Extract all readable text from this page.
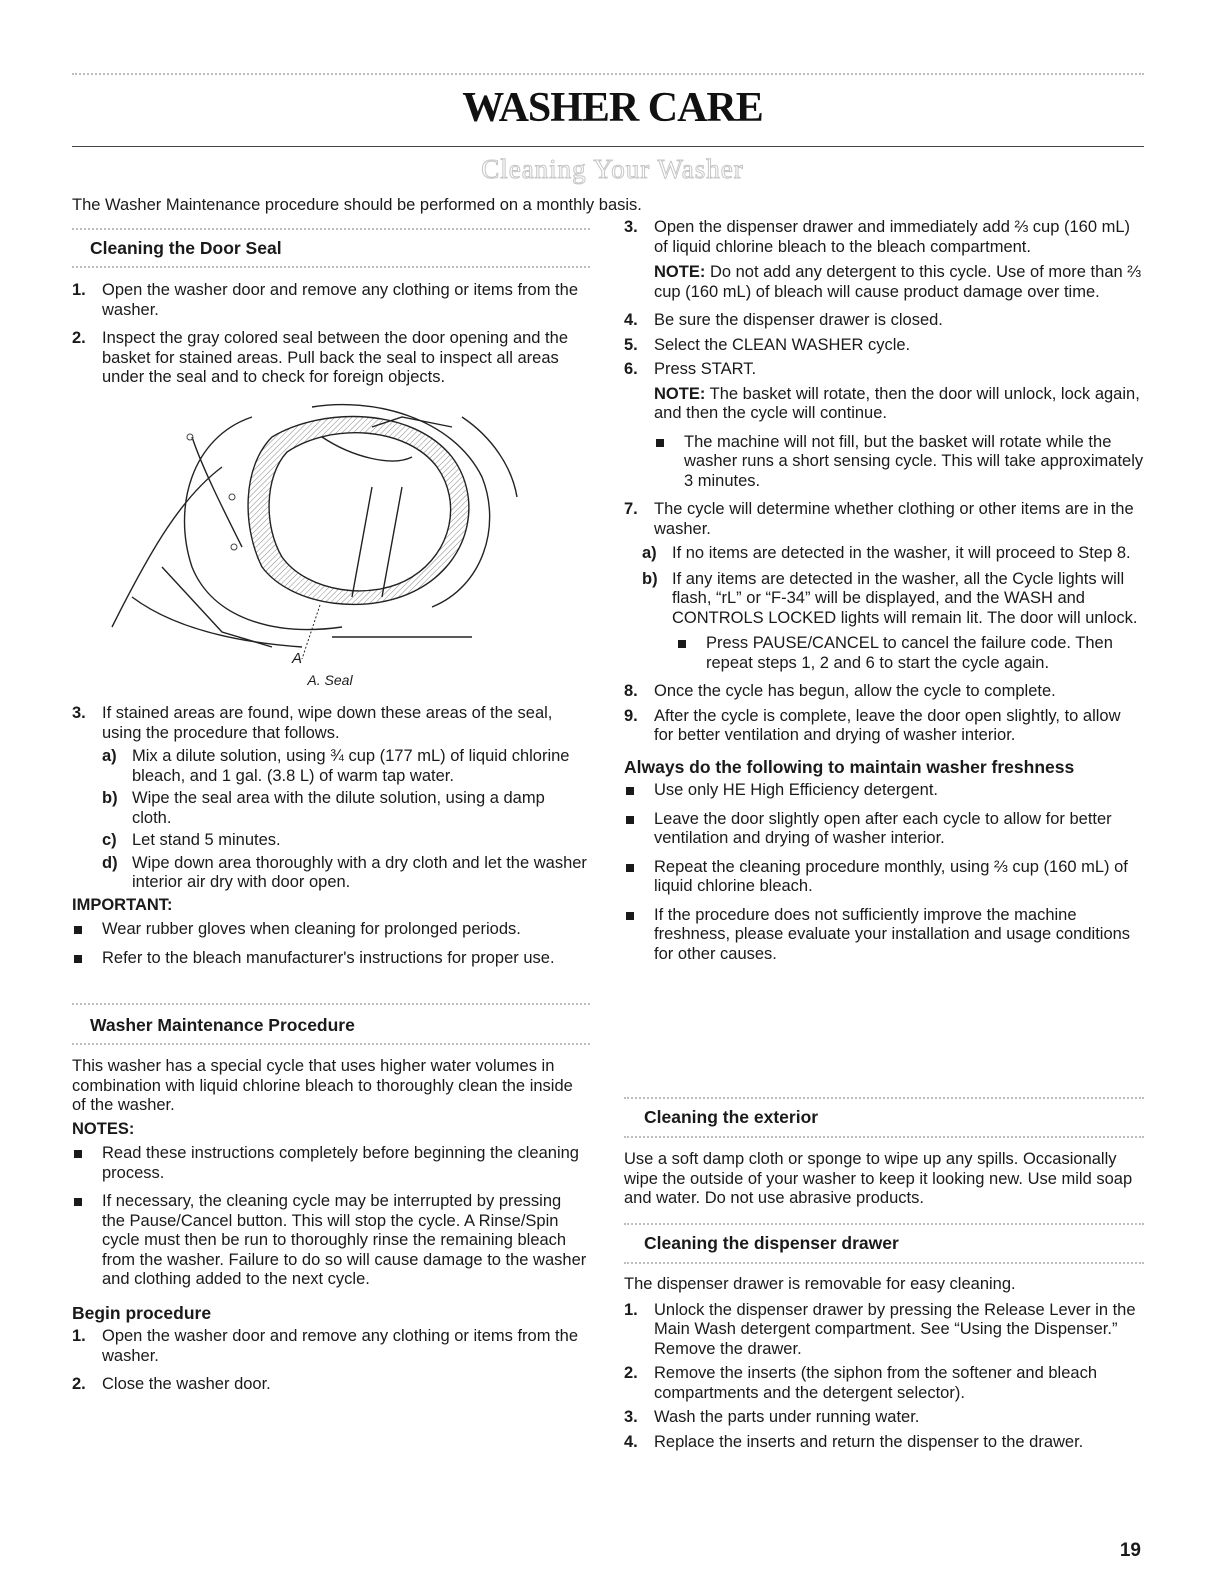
WASHER CARE
Cleaning Your Washer
The Washer Maintenance procedure should be performed on a monthly basis.
Cleaning the Door Seal
1. Open the washer door and remove any clothing or items from the washer.
2. Inspect the gray colored seal between the door opening and the basket for stained areas. Pull back the seal to inspect all areas under the seal and to check for foreign objects.
A
A. Seal
3. If stained areas are found, wipe down these areas of the seal, using the procedure that follows.
a) Mix a dilute solution, using ¾ cup (177 mL) of liquid chlorine bleach, and 1 gal. (3.8 L) of warm tap water.
b) Wipe the seal area with the dilute solution, using a damp cloth.
c) Let stand 5 minutes.
d) Wipe down area thoroughly with a dry cloth and let the washer interior air dry with door open.
IMPORTANT:
Wear rubber gloves when cleaning for prolonged periods.
Refer to the bleach manufacturer's instructions for proper use.
Washer Maintenance Procedure

This washer has a special cycle that uses higher water volumes in combination with liquid chlorine bleach to thoroughly clean the inside of the washer.

NOTES:
Read these instructions completely before beginning the cleaning process.
If necessary, the cleaning cycle may be interrupted by pressing the Pause/Cancel button. This will stop the cycle. A Rinse/Spin cycle must then be run to thoroughly rinse the remaining bleach from the washer. Failure to do so will cause damage to the washer and clothing added to the next cycle.
Begin procedure
1. Open the washer door and remove any clothing or items from the washer.
2. Close the washer door.
3. Open the dispenser drawer and immediately add ⅔ cup (160 mL) of liquid chlorine bleach to the bleach compartment.

NOTE: Do not add any detergent to this cycle. Use of more than ⅔ cup (160 mL) of bleach will cause product damage over time.

4. Be sure the dispenser drawer is closed.
5. Select the CLEAN WASHER cycle.
6. Press START.

NOTE: The basket will rotate, then the door will unlock, lock again, and then the cycle will continue.

The machine will not fill, but the basket will rotate while the washer runs a short sensing cycle. This will take approximately 3 minutes.
7. The cycle will determine whether clothing or other items are in the washer.
a) If no items are detected in the washer, it will proceed to Step 8.
b) If any items are detected in the washer, all the Cycle lights will flash, “rL” or “F-34” will be displayed, and the WASH and CONTROLS LOCKED lights will remain lit. The door will unlock.
Press PAUSE/CANCEL to cancel the failure code. Then repeat steps 1, 2 and 6 to start the cycle again.
8. Once the cycle has begun, allow the cycle to complete.
9. After the cycle is complete, leave the door open slightly, to allow for better ventilation and drying of washer interior.
Always do the following to maintain washer freshness
Use only HE High Efficiency detergent.
Leave the door slightly open after each cycle to allow for better ventilation and drying of washer interior.
Repeat the cleaning procedure monthly, using ⅔ cup (160 mL) of liquid chlorine bleach.
If the procedure does not sufficiently improve the machine freshness, please evaluate your installation and usage conditions for other causes.
Cleaning the exterior
Use a soft damp cloth or sponge to wipe up any spills. Occasionally wipe the outside of your washer to keep it looking new. Use mild soap and water. Do not use abrasive products.
Cleaning the dispenser drawer

The dispenser drawer is removable for easy cleaning.

1. Unlock the dispenser drawer by pressing the Release Lever in the Main Wash detergent compartment. See “Using the Dispenser.” Remove the drawer.
2. Remove the inserts (the siphon from the softener and bleach compartments and the detergent selector).
3. Wash the parts under running water.
4. Replace the inserts and return the dispenser to the drawer.
19
